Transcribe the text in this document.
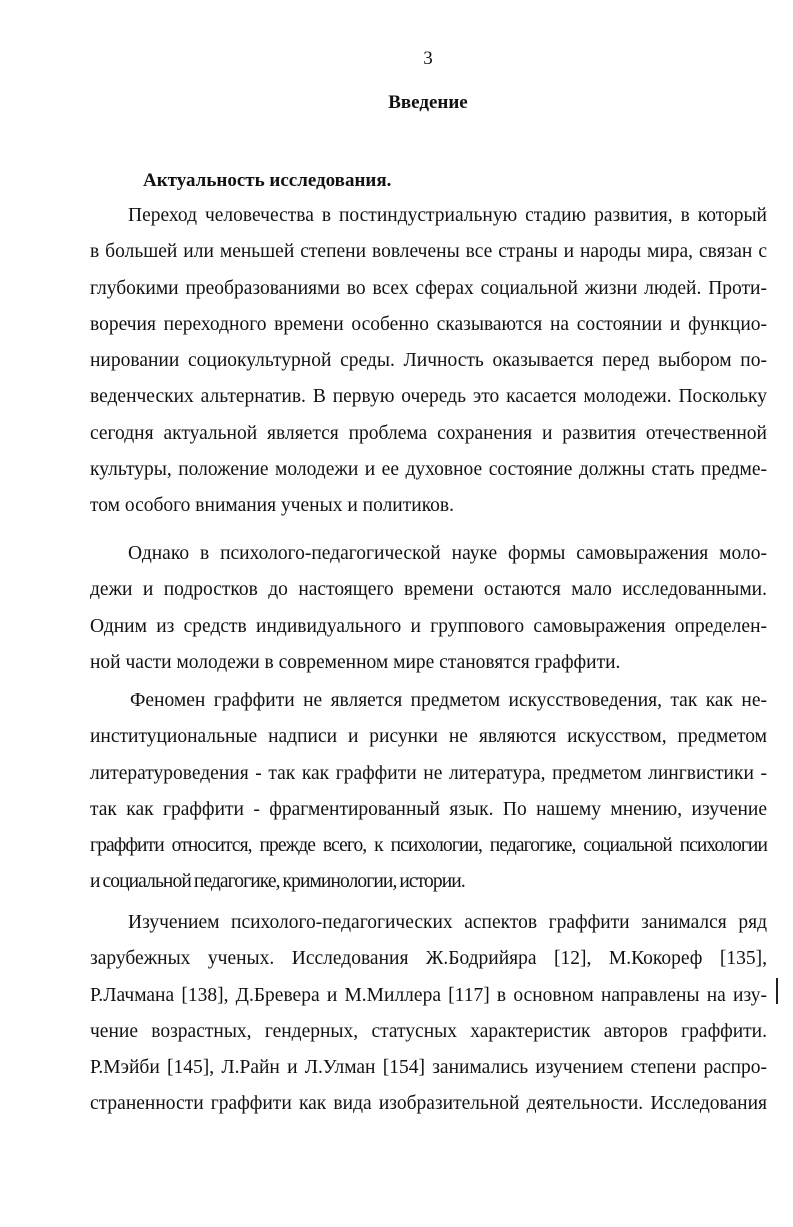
3
Введение
Актуальность исследования.
Переход человечества в постиндустриальную стадию развития, в который
в большей или меньшей степени вовлечены все страны и народы мира, связан с
глубокими преобразованиями во всех сферах социальной жизни людей. Проти-
воречия переходного времени особенно сказываются на состоянии и функцио-
нировании социокультурной среды. Личность оказывается перед выбором по-
веденческих альтернатив. В первую очередь это касается молодежи. Поскольку
сегодня актуальной является проблема сохранения и развития отечественной
культуры, положение молодежи и ее духовное состояние должны стать предме-
том особого внимания ученых и политиков.
Однако в психолого-педагогической науке формы самовыражения моло-
дежи и подростков до настоящего времени остаются мало исследованными.
Одним из средств индивидуального и группового самовыражения определен-
ной части молодежи в современном мире становятся граффити.
Феномен граффити не является предметом искусствоведения, так как не-
институциональные надписи и рисунки не являются искусством, предметом
литературоведения - так как граффити не литература, предметом лингвистики -
так как граффити - фрагментированный язык. По нашему мнению, изучение
граффити относится, прежде всего, к психологии, педагогике, социальной психологии
и социальной педагогике, криминологии, истории.
Изучением психолого-педагогических аспектов граффити занимался ряд
зарубежных ученых. Исследования Ж.Бодрийяра [12], М.Кокореф [135],
Р.Лачмана [138], Д.Бревера и М.Миллера [117] в основном направлены на изу-
чение возрастных, гендерных, статусных характеристик авторов граффити.
Р.Мэйби [145], Л.Райн и Л.Улман [154] занимались изучением степени распро-
страненности граффити как вида изобразительной деятельности. Исследования
